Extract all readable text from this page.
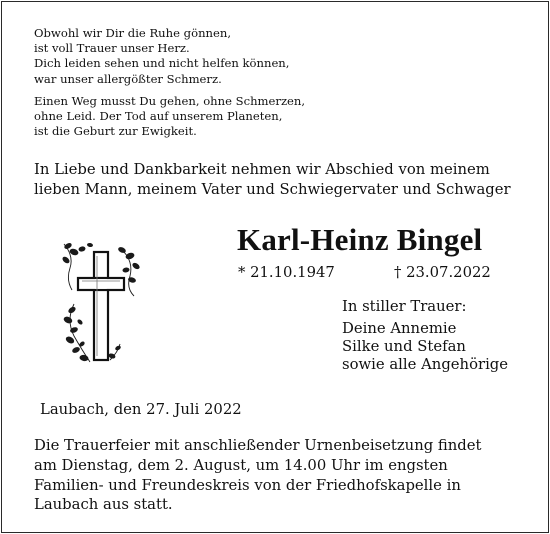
Obwohl wir Dir die Ruhe gönnen,
ist voll Trauer unser Herz.
Dich leiden sehen und nicht helfen können,
war unser allergößter Schmerz.
Einen Weg musst Du gehen, ohne Schmerzen,
ohne Leid. Der Tod auf unserem Planeten,
ist die Geburt zur Ewigkeit.
In Liebe und Dankbarkeit nehmen wir Abschied von meinem
lieben Mann, meinem Vater und Schwiegervater und Schwager
Karl-Heinz Bingel
* 21.10.1947	† 23.07.2022
In stiller Trauer:
Deine Annemie
Silke und Stefan
sowie alle Angehörige
Laubach, den 27. Juli 2022
Die Trauerfeier mit anschließender Urnenbeisetzung findet
am Dienstag, dem 2. August, um 14.00 Uhr im engsten
Familien- und Freundeskreis von der Friedhofskapelle in
Laubach aus statt.
